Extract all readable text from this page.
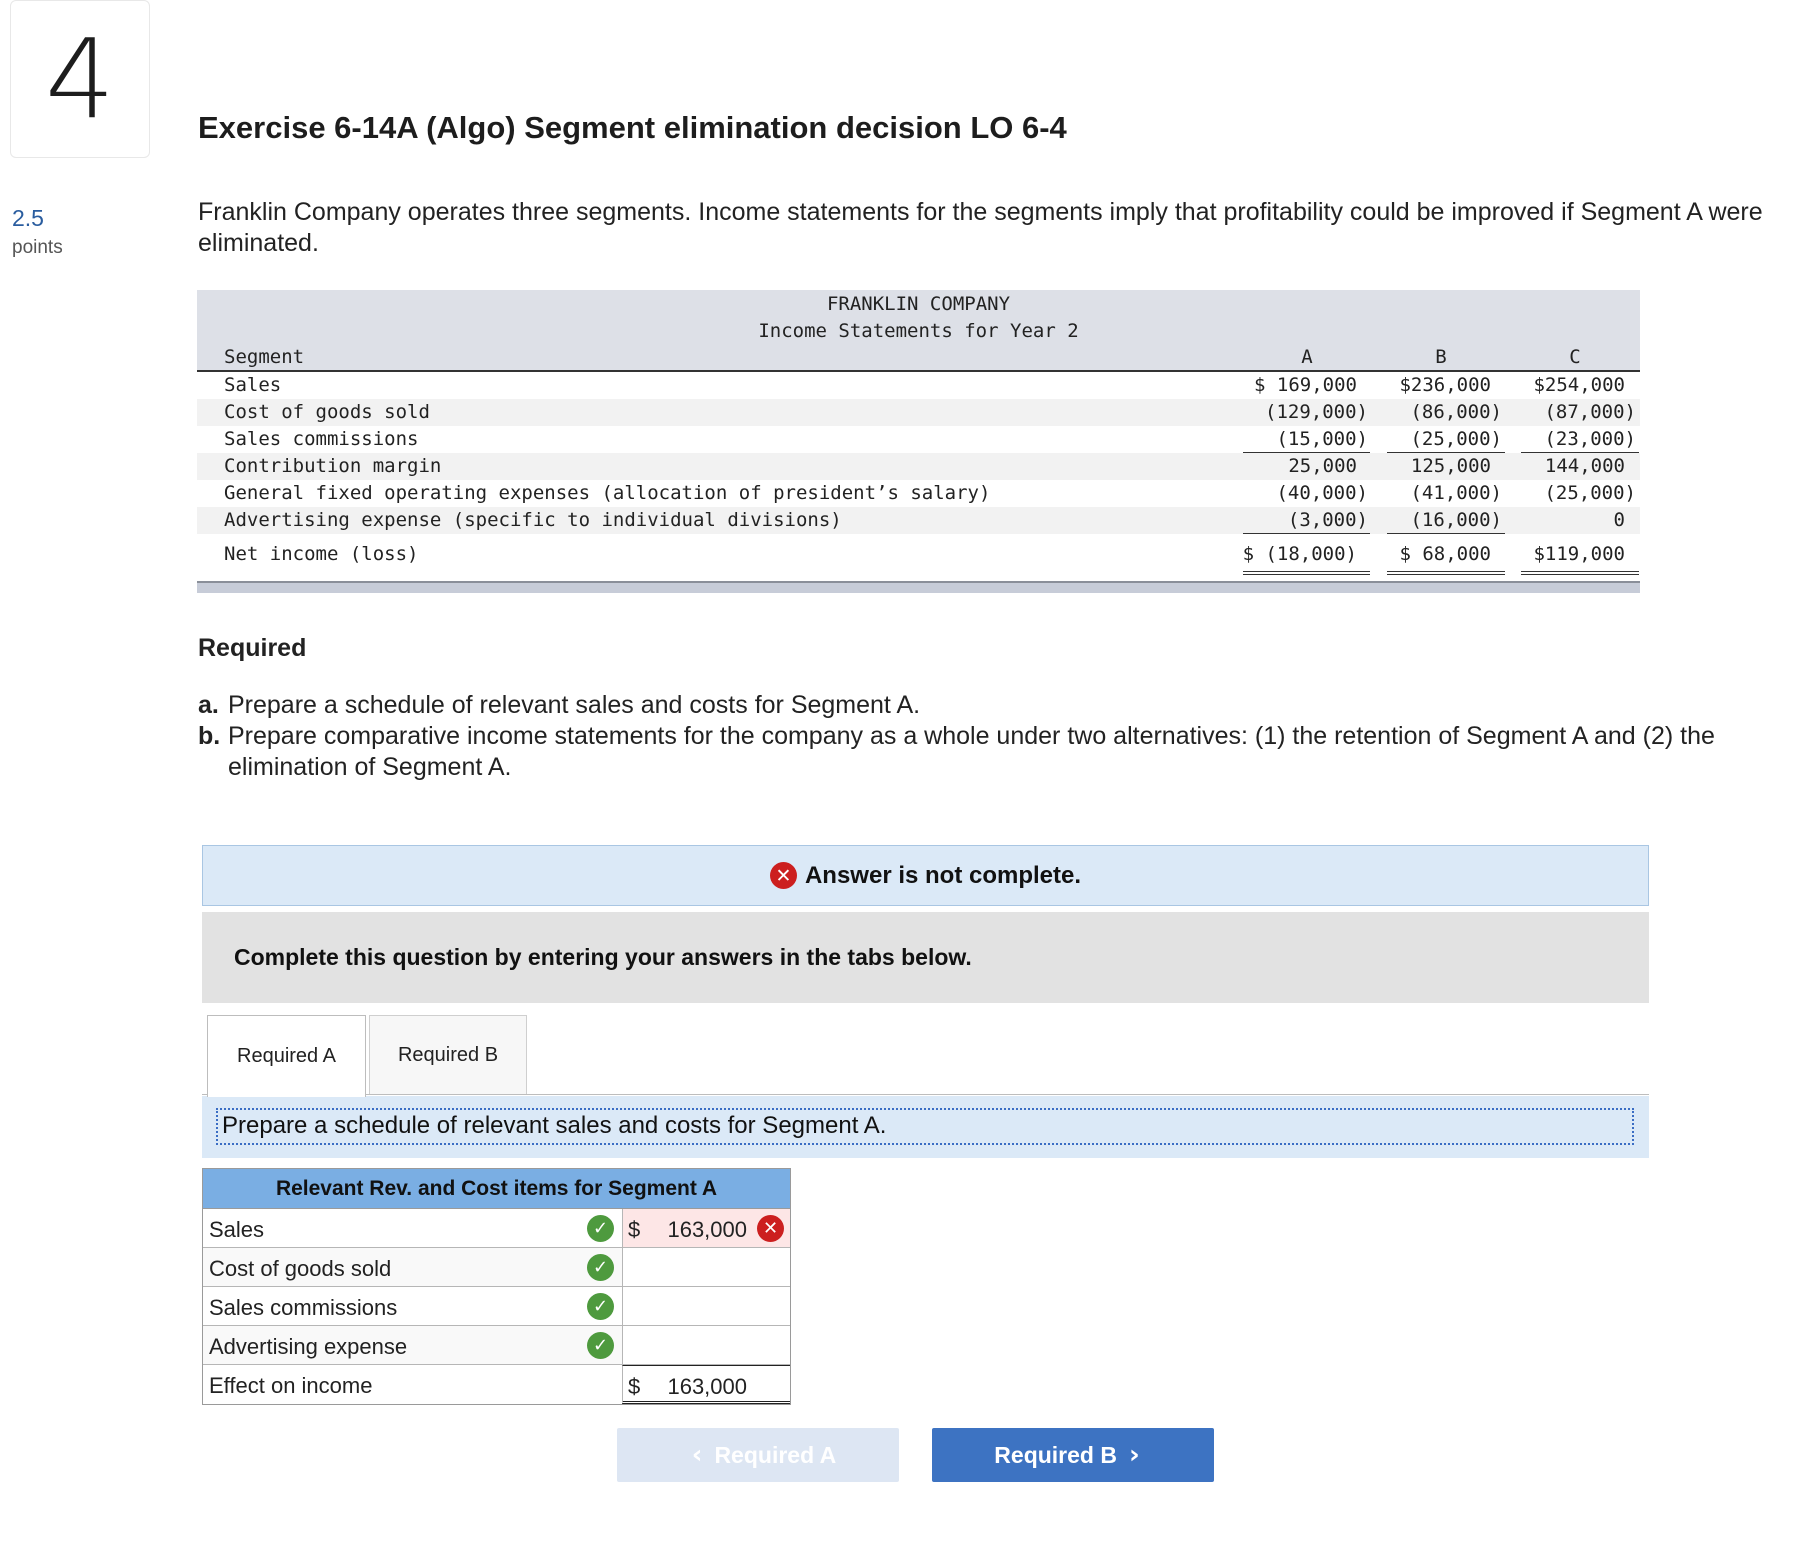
4
2.5
points
Exercise 6-14A (Algo) Segment elimination decision LO 6-4
Franklin Company operates three segments. Income statements for the segments imply that profitability could be improved if Segment A were eliminated.
FRANKLIN COMPANY
Income Statements for Year 2
Segment	A	B	C
Sales	$ 169,000 $236,000 $254,000
Cost of goods sold	(129,000) (86,000) (87,000)
Sales commissions	(15,000) (25,000) (23,000)
Contribution margin	25,000	125,000	144,000
General fixed operating expenses (allocation of president’s salary)	(40,000) (41,000) (25,000)
Advertising expense (specific to individual divisions)	(3,000) (16,000)	0
Net income (loss)	$ (18,000) $ 68,000 $119,000
Required
a. Prepare a schedule of relevant sales and costs for Segment A.
b. Prepare comparative income statements for the company as a whole under two alternatives: (1) the retention of Segment A and (2) the elimination of Segment A.
✕ Answer is not complete.
Complete this question by entering your answers in the tabs below.
Required A	Required B
Prepare a schedule of relevant sales and costs for Segment A.
Relevant Rev. and Cost items for Segment A
Sales	✓ $ 163,000 ✕
Cost of goods sold	✓
Sales commissions	✓
Advertising expense	✓
Effect on income	$ 163,000
‹ Required A	Required B ›
